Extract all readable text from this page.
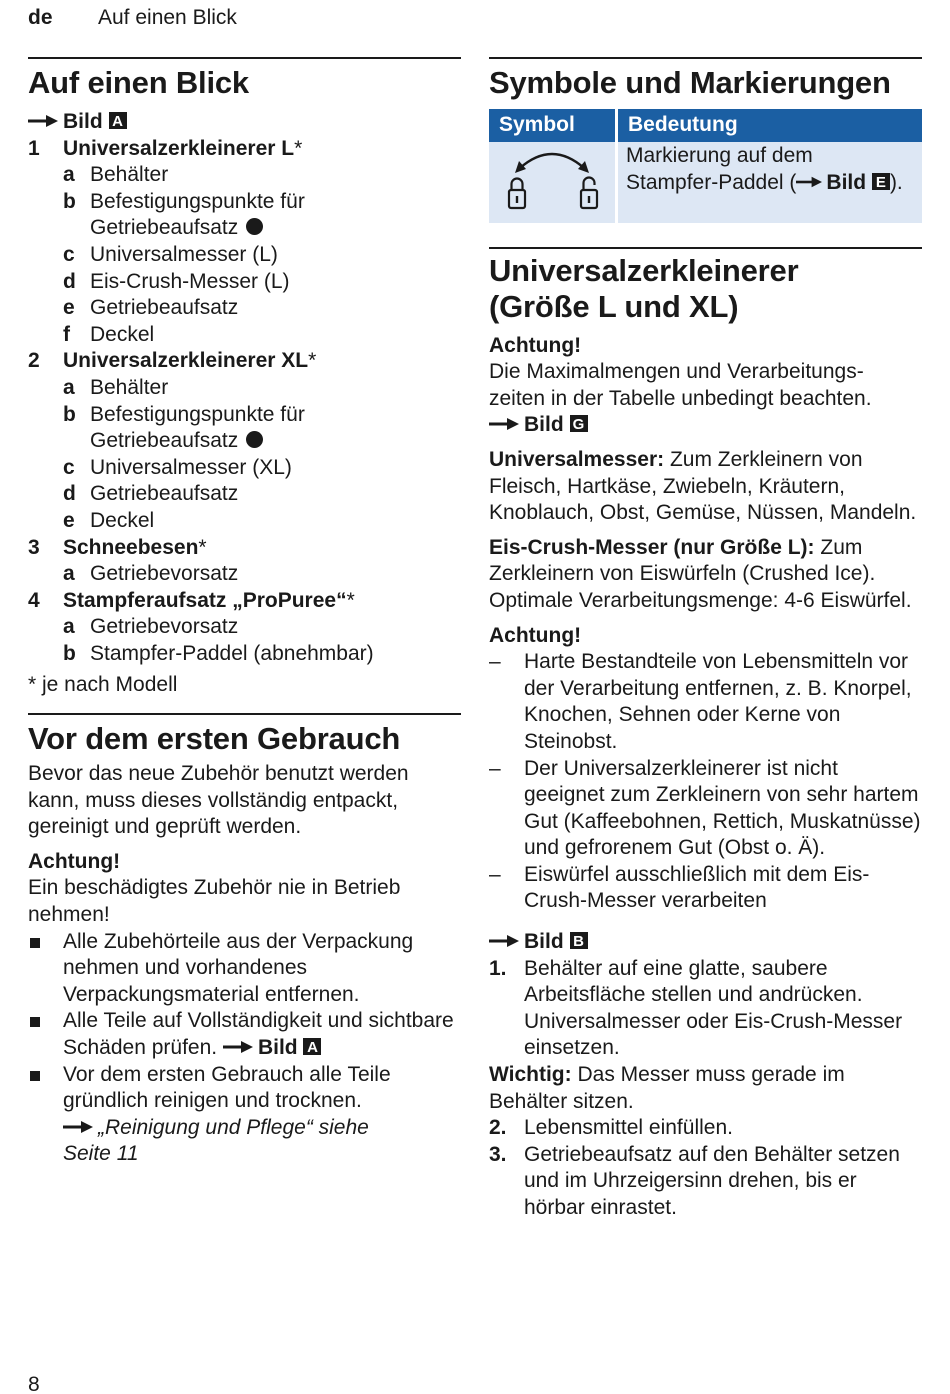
de Auf einen Blick
Auf einen Blick
Bild A
1	Universalzerkleinerer L*
a Behälter
b Befestigungspunkte für
Getriebeaufsatz
c Universalmesser (L)
d Eis-Crush-Messer (L)
e Getriebeaufsatz
f Deckel
2	Universalzerkleinerer XL*
a Behälter
b Befestigungspunkte für
Getriebeaufsatz
c Universalmesser (XL)
d Getriebeaufsatz
e Deckel
3	Schneebesen*
a Getriebevorsatz
4	Stampferaufsatz „ProPuree“*
a Getriebevorsatz
b Stampfer-Paddel (abnehmbar)

* je nach Modell

Vor dem ersten Gebrauch

Bevor das neue Zubehör benutzt werden kann, muss dieses vollständig entpackt, gereinigt und geprüft werden.

Achtung!

Ein beschädigtes Zubehör nie in Betrieb nehmen!

Alle Zubehörteile aus der Verpackung nehmen und vorhandenes Verpackungsmaterial entfernen.
Alle Teile auf Vollständigkeit und sichtbare Schäden prüfen. Bild A
Vor dem ersten Gebrauch alle Teile gründlich reinigen und trocknen.
„Reinigung und Pflege“ siehe
Seite 11
Symbole und Markierungen
Symbol	Bedeutung
	Markierung auf dem
Stampfer-Paddel ( Bild E ).
Universalzerkleinerer
(Größe L und XL)

Achtung!

Die Maximalmengen und Verarbeitungs-
zeiten in der Tabelle unbedingt beachten.

Bild G

Universalmesser: Zum Zerkleinern von Fleisch, Hartkäse, Zwiebeln, Kräutern, Knoblauch, Obst, Gemüse, Nüssen, Mandeln.

Eis-Crush-Messer (nur Größe L): Zum Zerkleinern von Eiswürfeln (Crushed Ice). Optimale Verarbeitungsmenge: 4-6 Eiswürfel.

Achtung!

–	Harte Bestandteile von Lebensmitteln vor der Verarbeitung entfernen, z. B. Knorpel, Knochen, Sehnen oder Kerne von Steinobst.
–	Der Universalzerkleinerer ist nicht geeignet zum Zerkleinern von sehr hartem Gut (Kaffeebohnen, Rettich, Muskatnüsse) und gefrorenem Gut (Obst o. Ä).
–	Eiswürfel ausschließlich mit dem Eis-Crush-Messer verarbeiten
Bild B
1. Behälter auf eine glatte, saubere Arbeitsfläche stellen und andrücken. Universalmesser oder Eis-Crush-Messer einsetzen.

Wichtig: Das Messer muss gerade im Behälter sitzen.

2. Lebensmittel einfüllen.
3. Getriebeaufsatz auf den Behälter setzen und im Uhrzeigersinn drehen, bis er hörbar einrastet.
8
